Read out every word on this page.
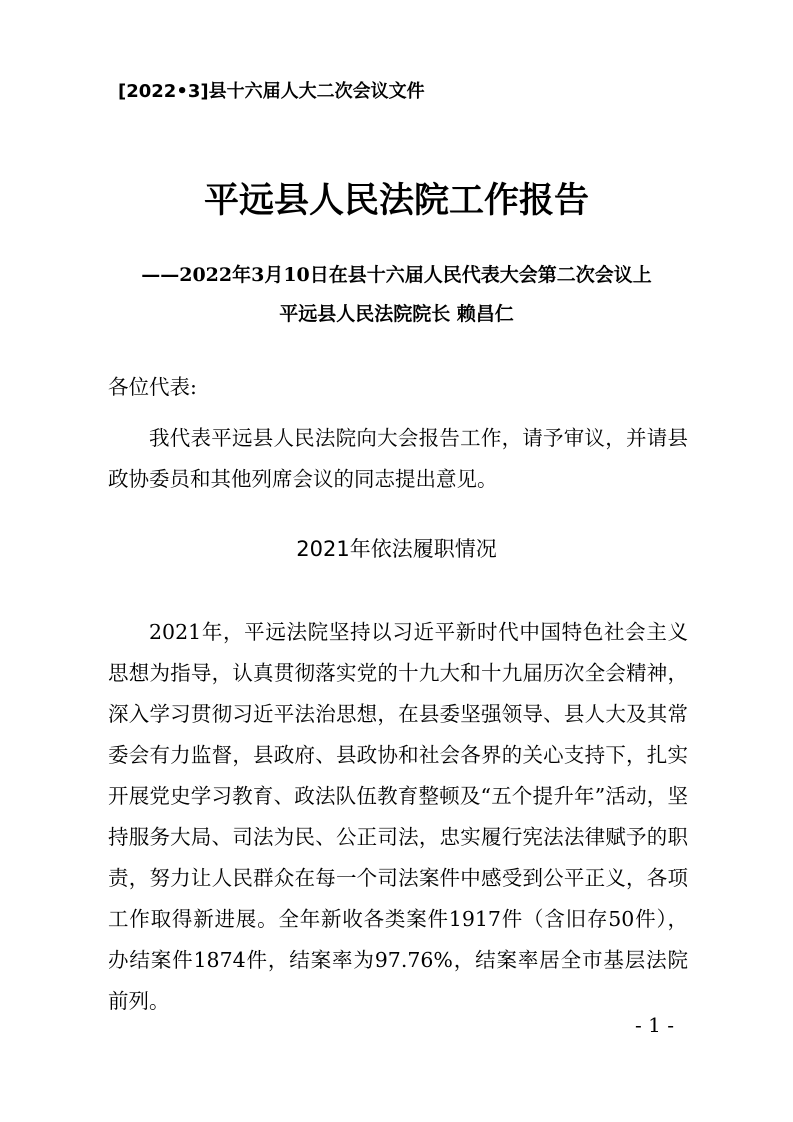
[2022•3]县十六届人大二次会议文件
平远县人民法院工作报告
——2022年3月10日在县十六届人民代表大会第二次会议上
平远县人民法院院长 赖昌仁
各位代表:
我代表平远县人民法院向大会报告工作，请予审议，并请县政协委员和其他列席会议的同志提出意见。
2021年依法履职情况
2021年，平远法院坚持以习近平新时代中国特色社会主义思想为指导，认真贯彻落实党的十九大和十九届历次全会精神，深入学习贯彻习近平法治思想，在县委坚强领导、县人大及其常委会有力监督，县政府、县政协和社会各界的关心支持下，扎实开展党史学习教育、政法队伍教育整顿及“五个提升年”活动，坚持服务大局、司法为民、公正司法，忠实履行宪法法律赋予的职责，努力让人民群众在每一个司法案件中感受到公平正义，各项工作取得新进展。全年新收各类案件1917件（含旧存50件），办结案件1874件，结案率为97.76%，结案率居全市基层法院前列。
- 1 -
